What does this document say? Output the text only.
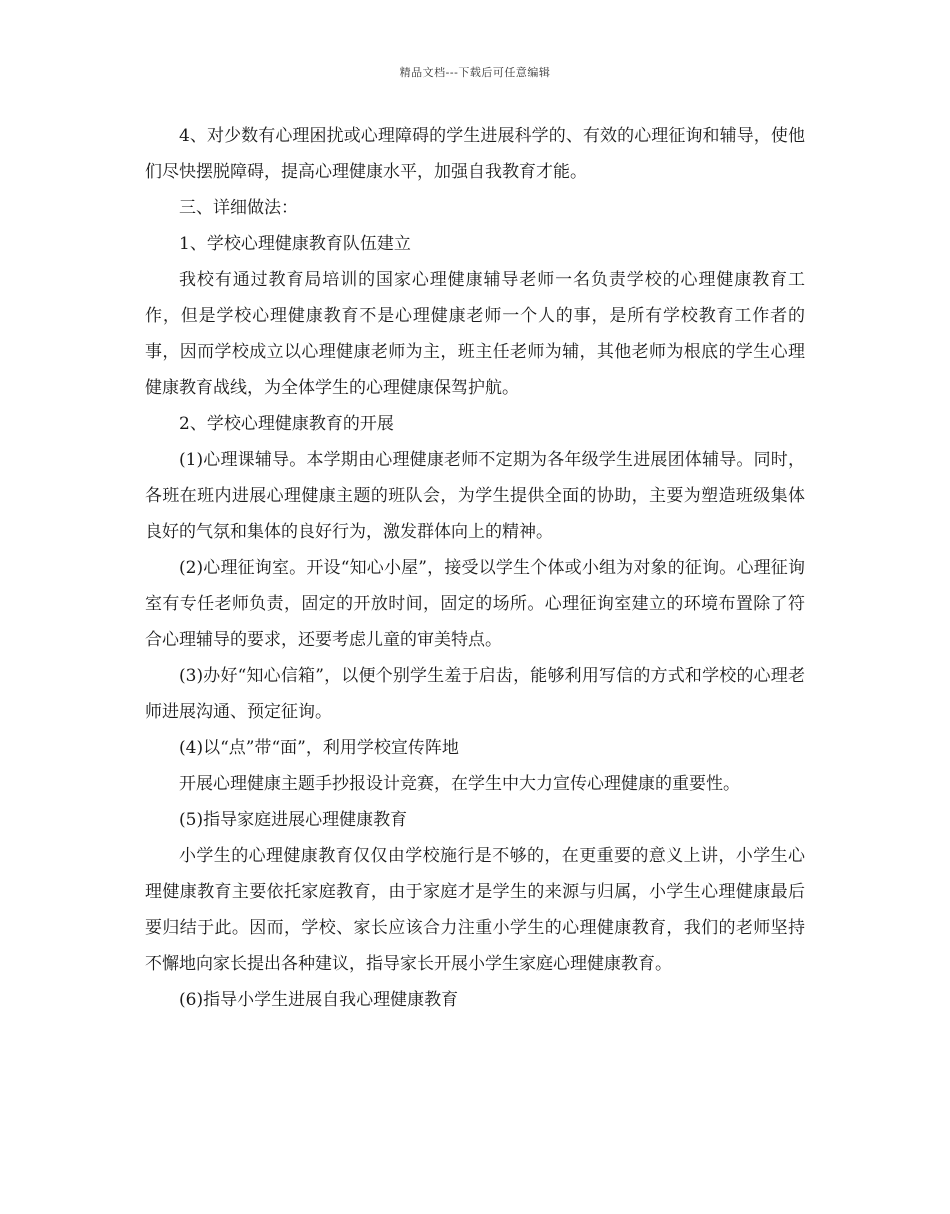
精品文档---下载后可任意编辑

4、对少数有心理困扰或心理障碍的学生进展科学的、有效的心理征询和辅导，使他们尽快摆脱障碍，提高心理健康水平，加强自我教育才能。

三、详细做法：

1、学校心理健康教育队伍建立

我校有通过教育局培训的国家心理健康辅导老师一名负责学校的心理健康教育工作，但是学校心理健康教育不是心理健康老师一个人的事，是所有学校教育工作者的事，因而学校成立以心理健康老师为主，班主任老师为辅，其他老师为根底的学生心理健康教育战线，为全体学生的心理健康保驾护航。

2、学校心理健康教育的开展

(1)心理课辅导。本学期由心理健康老师不定期为各年级学生进展团体辅导。同时，各班在班内进展心理健康主题的班队会，为学生提供全面的协助，主要为塑造班级集体良好的气氛和集体的良好行为，激发群体向上的精神。

(2)心理征询室。开设“知心小屋”，接受以学生个体或小组为对象的征询。心理征询室有专任老师负责，固定的开放时间，固定的场所。心理征询室建立的环境布置除了符合心理辅导的要求，还要考虑儿童的审美特点。

(3)办好“知心信箱”，以便个别学生羞于启齿，能够利用写信的方式和学校的心理老师进展沟通、预定征询。

(4)以“点”带“面”，利用学校宣传阵地

开展心理健康主题手抄报设计竞赛，在学生中大力宣传心理健康的重要性。

(5)指导家庭进展心理健康教育

小学生的心理健康教育仅仅由学校施行是不够的，在更重要的意义上讲，小学生心理健康教育主要依托家庭教育，由于家庭才是学生的来源与归属，小学生心理健康最后要归结于此。因而，学校、家长应该合力注重小学生的心理健康教育，我们的老师坚持不懈地向家长提出各种建议，指导家长开展小学生家庭心理健康教育。

(6)指导小学生进展自我心理健康教育
